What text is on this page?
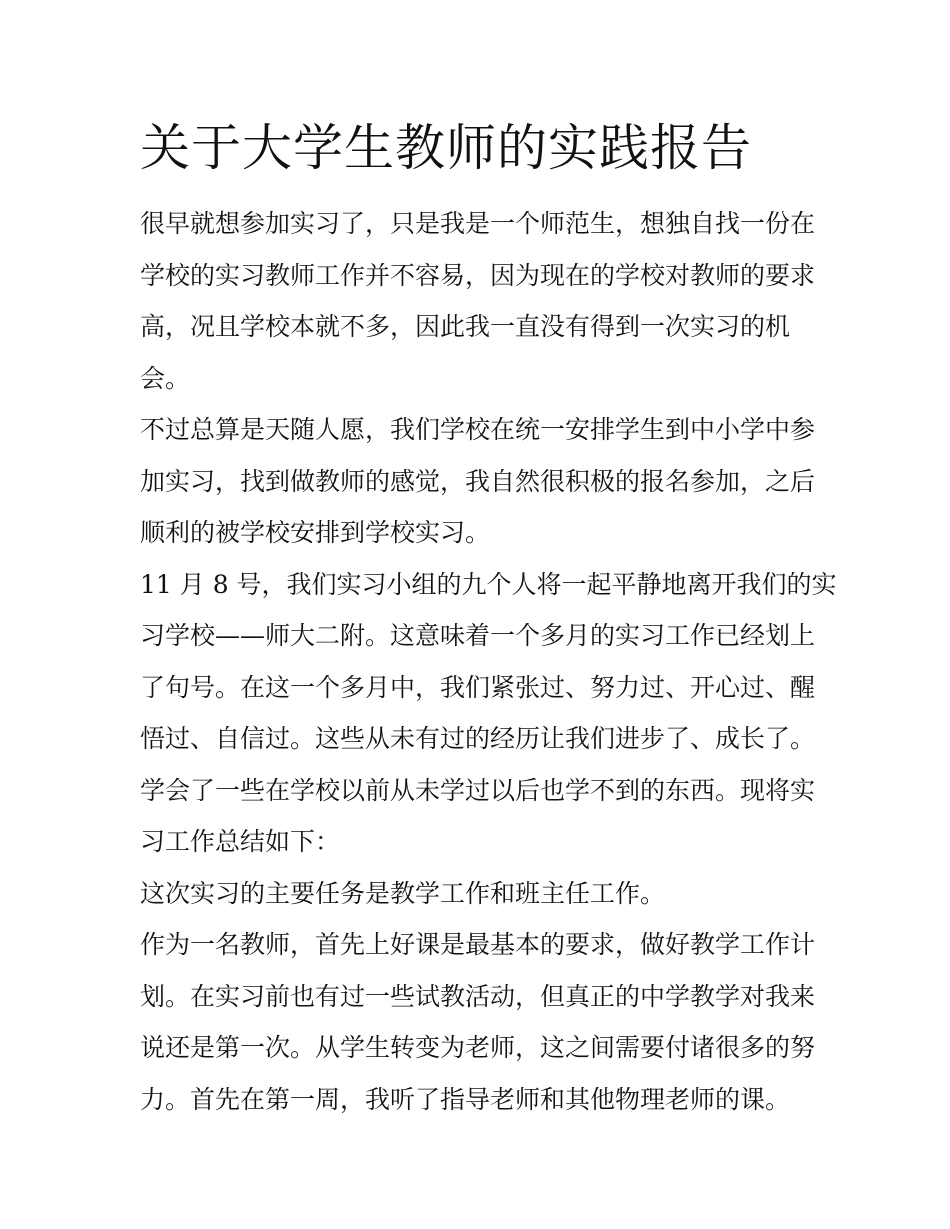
关于大学生教师的实践报告
很早就想参加实习了，只是我是一个师范生，想独自找一份在
学校的实习教师工作并不容易，因为现在的学校对教师的要求
高，况且学校本就不多，因此我一直没有得到一次实习的机
会。
不过总算是天随人愿，我们学校在统一安排学生到中小学中参
加实习，找到做教师的感觉，我自然很积极的报名参加，之后
顺利的被学校安排到学校实习。
11 月 8 号，我们实习小组的九个人将一起平静地离开我们的实
习学校——师大二附。这意味着一个多月的实习工作已经划上
了句号。在这一个多月中，我们紧张过、努力过、开心过、醒
悟过、自信过。这些从未有过的经历让我们进步了、成长了。
学会了一些在学校以前从未学过以后也学不到的东西。现将实
习工作总结如下：
这次实习的主要任务是教学工作和班主任工作。
作为一名教师，首先上好课是最基本的要求，做好教学工作计
划。在实习前也有过一些试教活动，但真正的中学教学对我来
说还是第一次。从学生转变为老师，这之间需要付诸很多的努
力。首先在第一周，我听了指导老师和其他物理老师的课。
